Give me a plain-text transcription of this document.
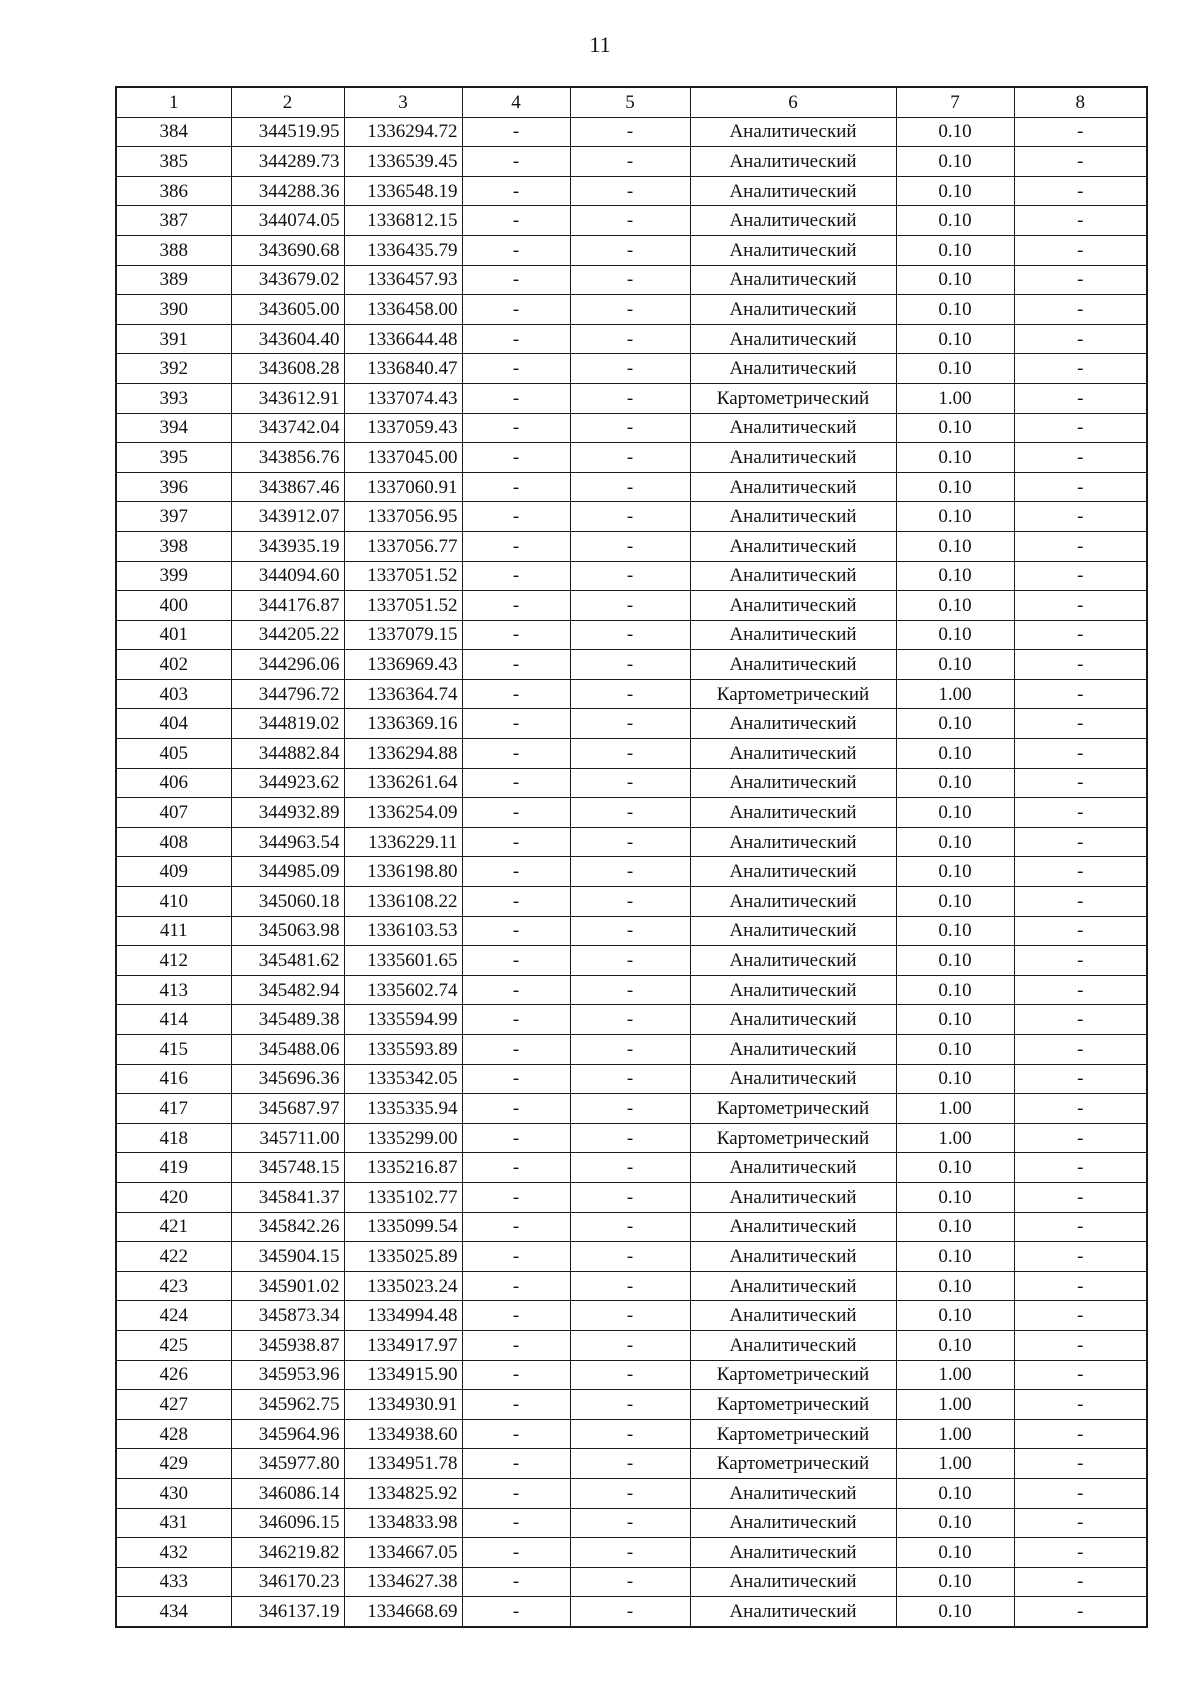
11
1	2	3	4	5	6	7	8
384	344519.95	1336294.72	-	-	Аналитический	0.10	-
385	344289.73	1336539.45	-	-	Аналитический	0.10	-
386	344288.36	1336548.19	-	-	Аналитический	0.10	-
387	344074.05	1336812.15	-	-	Аналитический	0.10	-
388	343690.68	1336435.79	-	-	Аналитический	0.10	-
389	343679.02	1336457.93	-	-	Аналитический	0.10	-
390	343605.00	1336458.00	-	-	Аналитический	0.10	-
391	343604.40	1336644.48	-	-	Аналитический	0.10	-
392	343608.28	1336840.47	-	-	Аналитический	0.10	-
393	343612.91	1337074.43	-	-	Картометрический	1.00	-
394	343742.04	1337059.43	-	-	Аналитический	0.10	-
395	343856.76	1337045.00	-	-	Аналитический	0.10	-
396	343867.46	1337060.91	-	-	Аналитический	0.10	-
397	343912.07	1337056.95	-	-	Аналитический	0.10	-
398	343935.19	1337056.77	-	-	Аналитический	0.10	-
399	344094.60	1337051.52	-	-	Аналитический	0.10	-
400	344176.87	1337051.52	-	-	Аналитический	0.10	-
401	344205.22	1337079.15	-	-	Аналитический	0.10	-
402	344296.06	1336969.43	-	-	Аналитический	0.10	-
403	344796.72	1336364.74	-	-	Картометрический	1.00	-
404	344819.02	1336369.16	-	-	Аналитический	0.10	-
405	344882.84	1336294.88	-	-	Аналитический	0.10	-
406	344923.62	1336261.64	-	-	Аналитический	0.10	-
407	344932.89	1336254.09	-	-	Аналитический	0.10	-
408	344963.54	1336229.11	-	-	Аналитический	0.10	-
409	344985.09	1336198.80	-	-	Аналитический	0.10	-
410	345060.18	1336108.22	-	-	Аналитический	0.10	-
411	345063.98	1336103.53	-	-	Аналитический	0.10	-
412	345481.62	1335601.65	-	-	Аналитический	0.10	-
413	345482.94	1335602.74	-	-	Аналитический	0.10	-
414	345489.38	1335594.99	-	-	Аналитический	0.10	-
415	345488.06	1335593.89	-	-	Аналитический	0.10	-
416	345696.36	1335342.05	-	-	Аналитический	0.10	-
417	345687.97	1335335.94	-	-	Картометрический	1.00	-
418	345711.00	1335299.00	-	-	Картометрический	1.00	-
419	345748.15	1335216.87	-	-	Аналитический	0.10	-
420	345841.37	1335102.77	-	-	Аналитический	0.10	-
421	345842.26	1335099.54	-	-	Аналитический	0.10	-
422	345904.15	1335025.89	-	-	Аналитический	0.10	-
423	345901.02	1335023.24	-	-	Аналитический	0.10	-
424	345873.34	1334994.48	-	-	Аналитический	0.10	-
425	345938.87	1334917.97	-	-	Аналитический	0.10	-
426	345953.96	1334915.90	-	-	Картометрический	1.00	-
427	345962.75	1334930.91	-	-	Картометрический	1.00	-
428	345964.96	1334938.60	-	-	Картометрический	1.00	-
429	345977.80	1334951.78	-	-	Картометрический	1.00	-
430	346086.14	1334825.92	-	-	Аналитический	0.10	-
431	346096.15	1334833.98	-	-	Аналитический	0.10	-
432	346219.82	1334667.05	-	-	Аналитический	0.10	-
433	346170.23	1334627.38	-	-	Аналитический	0.10	-
434	346137.19	1334668.69	-	-	Аналитический	0.10	-
